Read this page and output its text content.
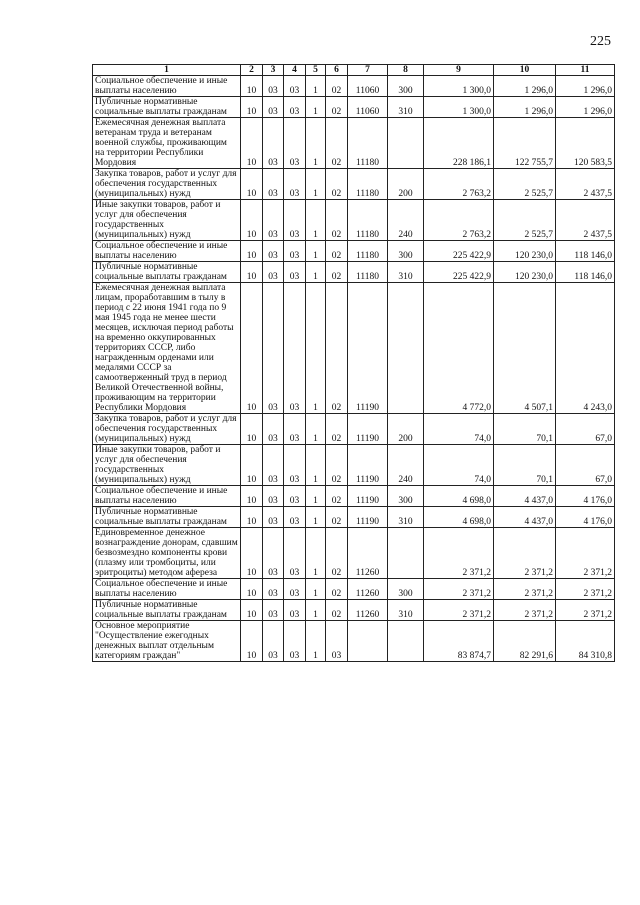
225
1	2	3	4	5	6	7	8	9	10	11
Социальное обеспечение и иные выплаты населению	10	03	03	1	02	11060	300	1 300,0	1 296,0	1 296,0
Публичные нормативные социальные выплаты гражданам	10	03	03	1	02	11060	310	1 300,0	1 296,0	1 296,0
Ежемесячная денежная выплата ветеранам труда и ветеранам военной службы, проживающим на территории Республики Мордовия	10	03	03	1	02	11180		228 186,1	122 755,7	120 583,5
Закупка товаров, работ и услуг для обеспечения государственных (муниципальных) нужд	10	03	03	1	02	11180	200	2 763,2	2 525,7	2 437,5
Иные закупки товаров, работ и услуг для обеспечения государственных (муниципальных) нужд	10	03	03	1	02	11180	240	2 763,2	2 525,7	2 437,5
Социальное обеспечение и иные выплаты населению	10	03	03	1	02	11180	300	225 422,9	120 230,0	118 146,0
Публичные нормативные социальные выплаты гражданам	10	03	03	1	02	11180	310	225 422,9	120 230,0	118 146,0
Ежемесячная денежная выплата лицам, проработавшим в тылу в период с 22 июня 1941 года по 9 мая 1945 года не менее шести месяцев, исключая период работы на временно оккупированных территориях СССР, либо награжденным орденами или медалями СССР за самоотверженный труд в период Великой Отечественной войны, проживающим на территории Республики Мордовия	10	03	03	1	02	11190		4 772,0	4 507,1	4 243,0
Закупка товаров, работ и услуг для обеспечения государственных (муниципальных) нужд	10	03	03	1	02	11190	200	74,0	70,1	67,0
Иные закупки товаров, работ и услуг для обеспечения государственных (муниципальных) нужд	10	03	03	1	02	11190	240	74,0	70,1	67,0
Социальное обеспечение и иные выплаты населению	10	03	03	1	02	11190	300	4 698,0	4 437,0	4 176,0
Публичные нормативные социальные выплаты гражданам	10	03	03	1	02	11190	310	4 698,0	4 437,0	4 176,0
Единовременное денежное вознаграждение донорам, сдавшим безвозмездно компоненты крови (плазму или тромбоциты, или эритроциты) методом афереза	10	03	03	1	02	11260		2 371,2	2 371,2	2 371,2
Социальное обеспечение и иные выплаты населению	10	03	03	1	02	11260	300	2 371,2	2 371,2	2 371,2
Публичные нормативные социальные выплаты гражданам	10	03	03	1	02	11260	310	2 371,2	2 371,2	2 371,2
Основное мероприятие "Осуществление ежегодных денежных выплат отдельным категориям граждан"	10	03	03	1	03			83 874,7	82 291,6	84 310,8
